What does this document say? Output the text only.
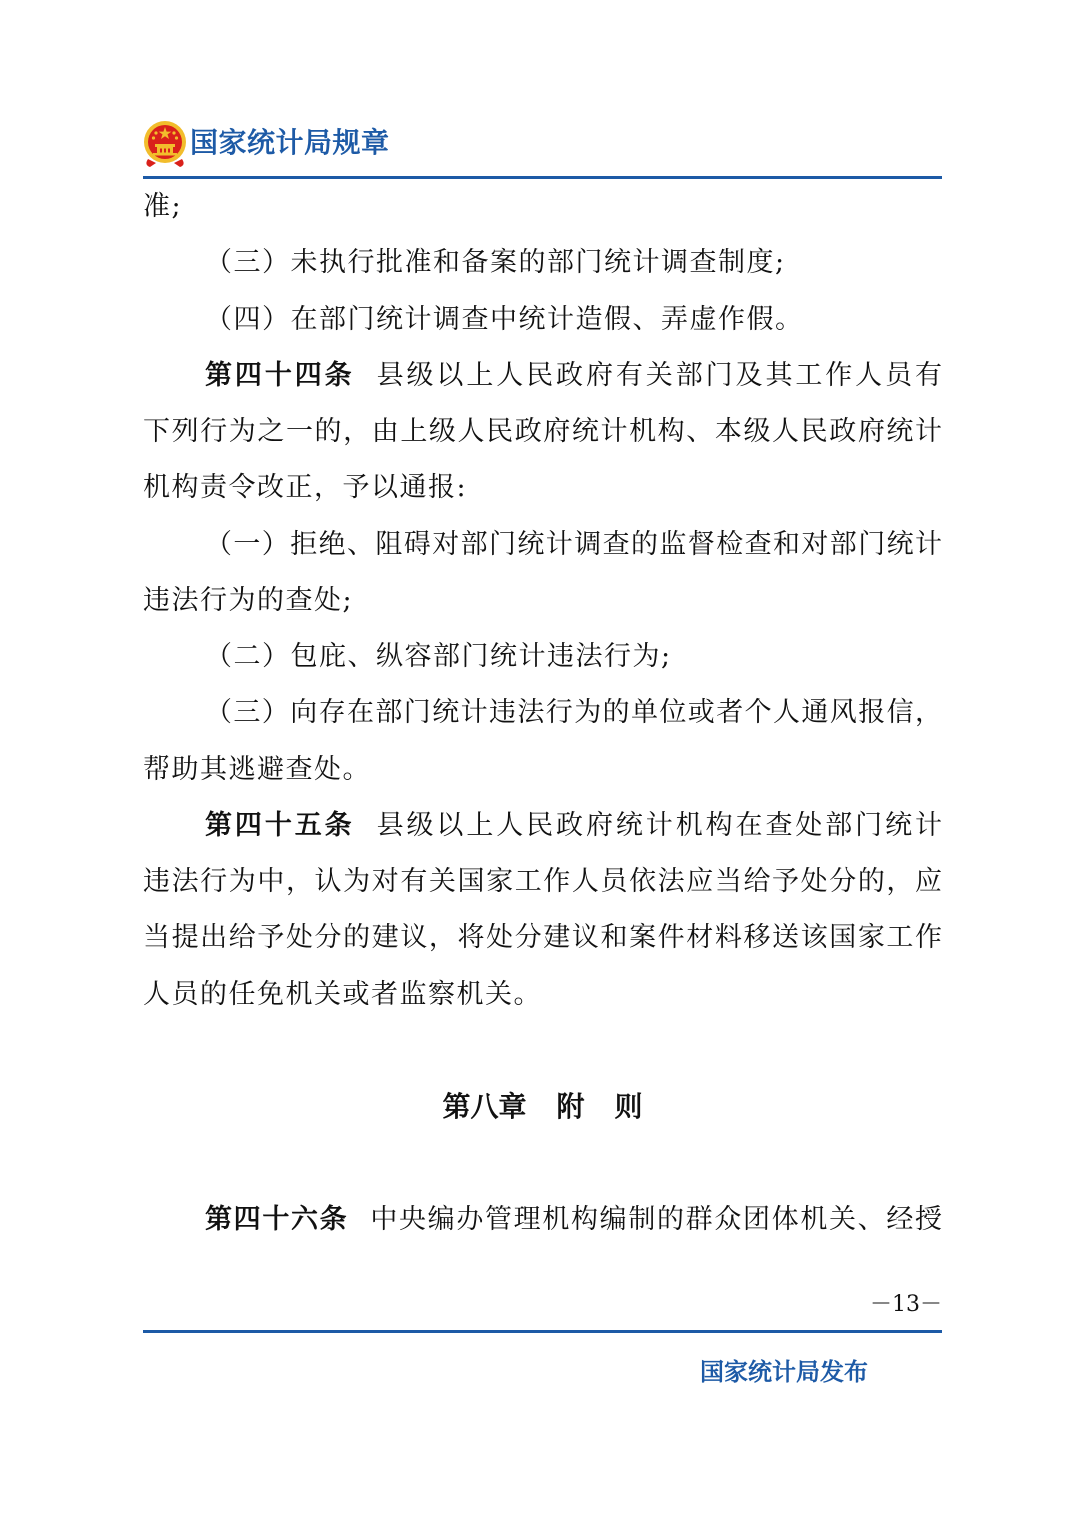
国家统计局规章
准;
（三）未执行批准和备案的部门统计调查制度;
（四）在部门统计调查中统计造假、弄虚作假。
第四十四条 县级以上人民政府有关部门及其工作人员有
下列行为之一的，由上级人民政府统计机构、本级人民政府统计
机构责令改正，予以通报:
（一）拒绝、阻碍对部门统计调查的监督检查和对部门统计
违法行为的查处;
（二）包庇、纵容部门统计违法行为;
（三）向存在部门统计违法行为的单位或者个人通风报信，
帮助其逃避查处。
第四十五条 县级以上人民政府统计机构在查处部门统计
违法行为中，认为对有关国家工作人员依法应当给予处分的，应
当提出给予处分的建议，将处分建议和案件材料移送该国家工作
人员的任免机关或者监察机关。
第八章 附 则
第四十六条 中央编办管理机构编制的群众团体机关、经授
－13－
国家统计局发布
